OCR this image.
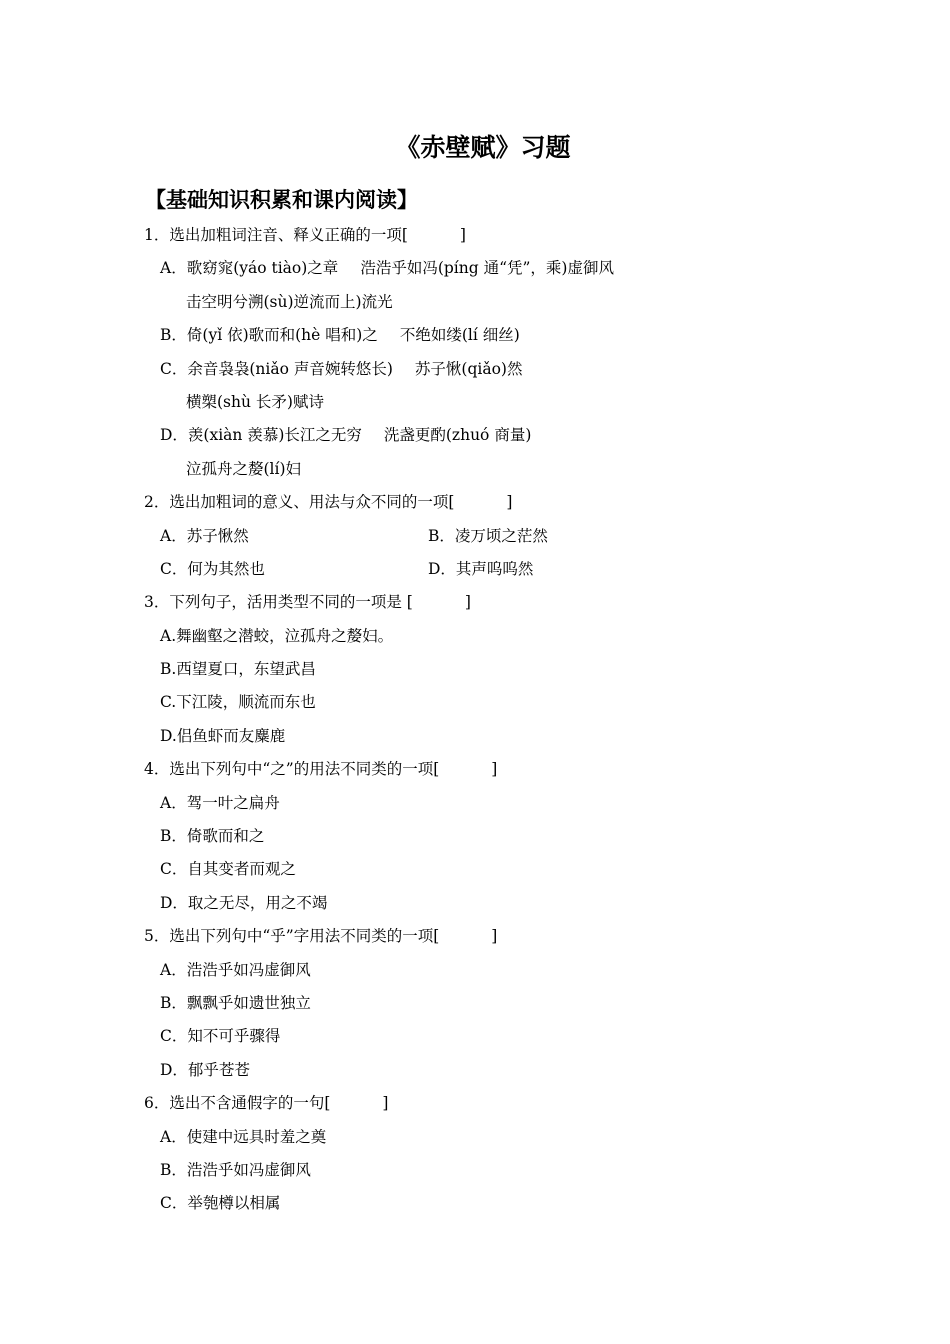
《赤壁赋》习题
【基础知识积累和课内阅读】
1．选出加粗词注音、释义正确的一项[	]
A．歌窈窕(yáo tiào)之章 浩浩乎如冯(píng 通“凭”，乘)虚御风
击空明兮溯(sù)逆流而上)流光
B．倚(yǐ 依)歌而和(hè 唱和)之 不绝如缕(lí 细丝)
C．余音袅袅(niǎo 声音婉转悠长) 苏子愀(qiǎo)然
横槊(shù 长矛)赋诗
D．羡(xiàn 羡慕)长江之无穷 洗盏更酌(zhuó 商量)
泣孤舟之嫠(lí)妇
2．选出加粗词的意义、用法与众不同的一项[	]
A．苏子愀然	B．凌万顷之茫然
C．何为其然也	D．其声呜呜然
3．下列句子，活用类型不同的一项是 [	]
A.舞幽壑之潜蛟，泣孤舟之嫠妇。
B.西望夏口，东望武昌
C.下江陵，顺流而东也
D.侣鱼虾而友麋鹿
4．选出下列句中“之”的用法不同类的一项[	]
A．驾一叶之扁舟
B．倚歌而和之
C．自其变者而观之
D．取之无尽，用之不竭
5．选出下列句中“乎”字用法不同类的一项[	]
A．浩浩乎如冯虚御风
B．飘飘乎如遗世独立
C．知不可乎骤得
D．郁乎苍苍
6．选出不含通假字的一句[	]
A．使建中远具时羞之奠
B．浩浩乎如冯虚御风
C．举匏樽以相属
